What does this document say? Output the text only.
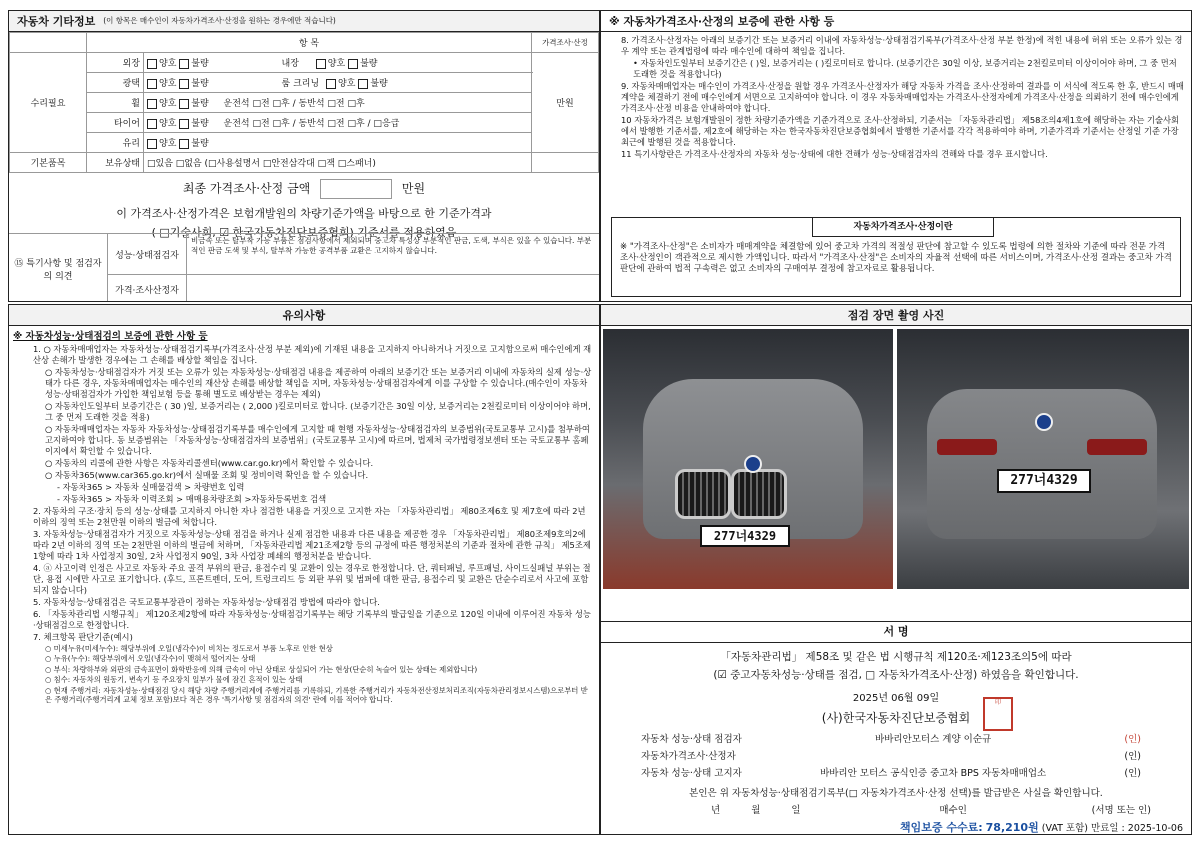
자동차 기타정보 (이 항목은 매수인이 자동차가격조사·산정을 원하는 경우에만 적습니다)
	항 목		가격조사·산정
수리필요	외장	양호 불량 내장 양호 불량	만원
	광택	양호 불량 룸 크리닝 양호 불량	
	휠	양호 불량 운전석 □전 □후 / 동반석 □전 □후	
	타이어	양호 불량 운전석 □전 □후 / 동반석 □전 □후 / □응급	
	유리	양호 불량	
기본품목	보유상태	□있음 □없음 (□사용설명서 □안전삼각대 □잭 □스패너)	
최종 가격조사·산정 금액	만원
이 가격조사·산정가격은 보험개발원의 차량기준가액을 바탕으로 한 기준가격과
( □기술사회, ☑ 한국자동차진단보증협회) 기준서를 적용하였음
⑮ 특기사항 및 점검자의 의견
성능·상태점검자
비금속 또는 탈부착 가능 부품은 점검사항에서 제외되며 중고차 특성상 부분적인 판금, 도색, 부식은 있을 수 있습니다. 부분적인 판금 도색 및 부식, 탈부착 가능한 공격부품 교환은 고지하지 않습니다.
가격·조사산정자
※ 자동차가격조사·산정의 보증에 관한 사항 등
8. 가격조사·산정자는 아래의 보증기간 또는 보증거리 이내에 자동차성능·상태점검기록부(가격조사·산정 부분 한정)에 적힌 내용에 허위 또는 오류가 있는 경우 계약 또는 관계법령에 따라 매수인에 대하여 책임을 집니다.
• 자동차인도일부터 보증기간은 ( )일, 보증거리는 ( )킬로미터로 합니다. (보증기간은 30일 이상, 보증거리는 2천킬로미터 이상이어야 하며, 그 중 먼저 도래한 것을 적용합니다)
9. 자동차매매업자는 매수인이 가격조사·산정을 원할 경우 가격조사·산정자가 해당 자동차 가격을 조사·산정하여 결과를 이 서식에 적도록 한 후, 반드시 매매계약을 체결하기 전에 매수인에게 서면으로 고지하여야 합니다. 이 경우 자동차매매업자는 가격조사·산정자에게 가격조사·산정을 의뢰하기 전에 매수인에게 가격조사·산정 비용을 안내하여야 합니다.
10 자동차가격은 보험개발원이 정한 차량기준가액을 기준가격으로 조사·산정하되, 기준서는 「자동차관리법」 제58조의4제1호에 해당하는 자는 기술사회에서 발행한 기준서를, 제2호에 해당하는 자는 한국자동차진단보증협회에서 발행한 기준서를 각각 적용하여야 하며, 기준가격과 기준서는 산정일 기준 가장 최근에 발행된 것을 적용합니다.
11 특기사항란은 가격조사·산정자의 자동차 성능·상태에 대한 견해가 성능·상태점검자의 견해와 다를 경우 표시합니다.
자동차가격조사·산정이란
※ "가격조사·산정"은 소비자가 매매계약을 체결함에 있어 중고차 가격의 적절성 판단에 참고할 수 있도록 법령에 의한 절차와 기준에 따라 전문 가격조사·산정인이 객관적으로 제시한 가액입니다. 따라서 "가격조사·산정"은 소비자의 자율적 선택에 따른 서비스이며, 가격조사·산정 결과는 중고차 가격판단에 관하여 법적 구속력은 없고 소비자의 구매여부 결정에 참고자료로 활용됩니다.
유의사항
※ 자동차성능·상태점검의 보증에 관한 사항 등
1. ○ 자동차매매업자는 자동차성능·상태점검기록부(가격조사·산정 부분 제외)에 기재된 내용을 고지하지 아니하거나 거짓으로 고지함으로써 매수인에게 재산상 손해가 발생한 경우에는 그 손해를 배상할 책임을 집니다.
○ 자동차성능·상태점검자가 거짓 또는 오류가 있는 자동차성능·상태점검 내용을 제공하여 아래의 보증기간 또는 보증거리 이내에 자동차의 실제 성능·상태가 다른 경우, 자동차매매업자는 매수인의 재산상 손해를 배상할 책임을 지며, 자동차성능·상태점검자에게 이를 구상할 수 있습니다.(매수인이 자동차성능·상태점검자가 가입한 책임보험 등을 통해 별도로 배상받는 경우는 제외)
○ 자동차인도일부터 보증기간은 ( 30 )일, 보증거리는 ( 2,000 )킬로미터로 합니다. (보증기간은 30일 이상, 보증거리는 2천킬로미터 이상이어야 하며, 그 중 먼저 도래한 것을 적용)
○ 자동차매매업자는 자동차 자동차성능·상태점검기록부를 매수인에게 고지할 때 현행 자동차성능·상태점검자의 보증범위(국토교통부 고시)를 첨부하여 고지하여야 합니다. 동 보증범위는 「자동차성능·상태점검자의 보증범위」(국토교통부 고시)에 따르며, 법제처 국가법령정보센터 또는 국토교통부 홈페이지에서 확인할 수 있습니다.
○ 자동차의 리콜에 관한 사항은 자동차리콜센터(www.car.go.kr)에서 확인할 수 있습니다.
○ 자동차365(www.car365.go.kr)에서 실매물 조회 및 정비이력 확인을 할 수 있습니다.
- 자동차365 > 자동차 실매물검색 > 차량번호 입력
- 자동차365 > 자동차 이력조회 > 매매용차량조회 >자동차등록번호 검색
2. 자동차의 구조·장치 등의 성능·상태를 고지하지 아니한 자나 점검한 내용을 거짓으로 고지한 자는 「자동차관리법」 제80조제6호 및 제7호에 따라 2년 이하의 징역 또는 2천만원 이하의 벌금에 처합니다.
3. 자동차성능·상태점검자가 거짓으로 자동차성능·상태 점검을 하거나 실제 점검한 내용과 다른 내용을 제공한 경우 「자동차관리법」 제80조제9호의2에 따라 2년 이하의 징역 또는 2천만원 이하의 벌금에 처하며, 「자동차관리법 제21조제2항 등의 규정에 따른 행정처분의 기준과 절차에 관한 규칙」 제5조제1항에 따라 1차 사업정지 30일, 2차 사업정지 90일, 3차 사업장 폐쇄의 행정처분을 받습니다.
4. ⓐ 사고이력 인정은 사고로 자동차 주요 골격 부위의 판금, 용접수리 및 교환이 있는 경우로 한정합니다. 단, 쿼터패널, 루프패널, 사이드실패널 부위는 절단, 용접 시에만 사고로 표기합니다. (후드, 프론트펜더, 도어, 트렁크리드 등 외판 부위 및 범퍼에 대한 판금, 용접수리 및 교환은 단순수리로서 사고에 포함되지 않습니다)
5. 자동차성능·상태점검은 국토교통부장관이 정하는 자동차성능·상태점검 방법에 따라야 합니다.
6. 「자동차관리법 시행규칙」 제120조제2항에 따라 자동차성능·상태점검기록부는 해당 기록부의 발급일을 기준으로 120일 이내에 이루어진 자동차 성능·상태점검으로 한정합니다.
7. 체크항목 판단기준(예시)
○ 미세누유(미세누수): 해당부위에 오일(냉각수)이 비치는 정도로서 부품 노후로 인한 현상
○ 누유(누수): 해당부위에서 오일(냉각수)이 맺혀서 떨어지는 상태
○ 부식: 차량하부와 외판의 금속표면이 화학반응에 의해 금속이 아닌 상태로 상실되어 가는 현상(단순히 녹슬어 있는 상태는 제외합니다)
○ 침수: 자동차의 원동기, 변속기 등 주요장치 일부가 물에 잠긴 흔적이 있는 상태
○ 현재 주행거리: 자동차성능·상태점검 당시 해당 차량 주행거리계에 주행거리를 기록하되, 기록한 주행거리가 자동차전산정보처리조직(자동차관리정보시스템)으로부터 받은 주행거리(주행거리계 교체 정보 포함)보다 적은 경우 '특기사항 및 점검자의 의견' 란에 이를 적어야 합니다.
점검 장면 촬영 사진
277너4329
277너4329
서 명
「자동차관리법」 제58조 및 같은 법 시행규칙 제120조·제123조의5에 따라
(☑ 중고자동차성능·상태를 점검, □ 자동차가격조사·산정) 하였음을 확인합니다.
2025년 06월 09일
(사)한국자동차진단보증협회
印
자동차 성능·상태 점검자	바바리안모터스 계양 이순규	(인)
자동차가격조사·산정자	(인)
자동차 성능·상태 고지자	바바리안 모터스 공식인증 중고차 BPS 자동차매매업소	(인)
본인은 위 자동차성능·상태점검기록부(□ 자동차가격조사·산정 선택)를 발급받은 사실을 확인합니다.
년 월 일	매수인	(서명 또는 인)
책임보증 수수료: 78,210원 (VAT 포함) 만료일 : 2025-10-06
